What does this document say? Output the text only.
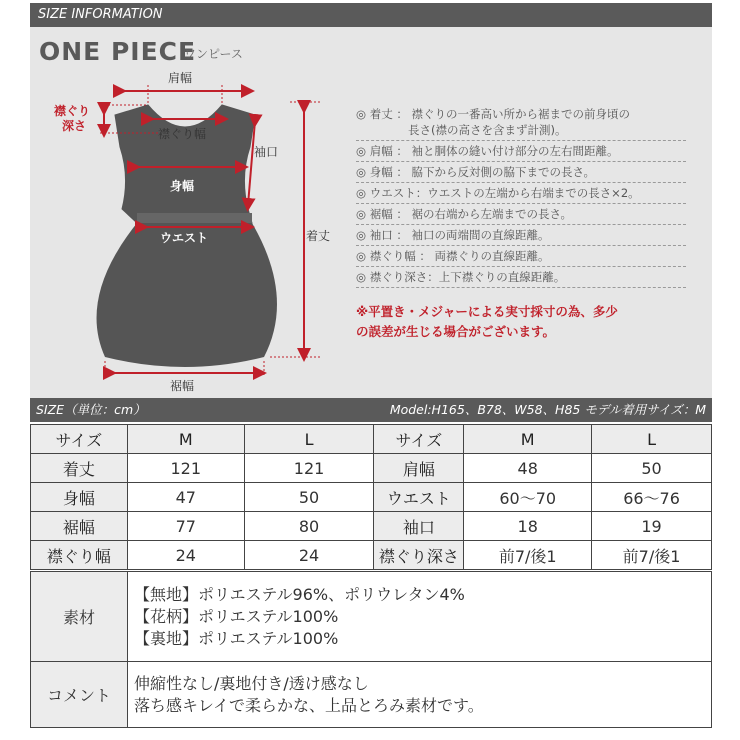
SIZE INFORMATION
ONE PIECE
ワンピース
肩幅
襟ぐり
深さ
襟ぐり幅
袖口
身幅
着丈
ウエスト
裾幅
◎ 着丈 ： 襟ぐりの一番高い所から裾までの前身頃の
長さ(襟の高さを含まず計測)。
◎ 肩幅 ： 袖と胴体の縫い付け部分の左右間距離。
◎ 身幅 ： 脇下から反対側の脇下までの長さ。
◎ ウエスト：ウエストの左端から右端までの長さ×2。
◎ 裾幅 ： 裾の右端から左端までの長さ。
◎ 袖口 ： 袖口の両端間の直線距離。
◎ 襟ぐり幅 ： 両襟ぐりの直線距離。
◎ 襟ぐり深さ：上下襟ぐりの直線距離。
※平置き・メジャーによる実寸採寸の為、多少
の誤差が生じる場合がございます。
SIZE（単位：cm）	Model:H165、B78、W58、H85 モデル着用サイズ：M
サイズ	M	L	サイズ	M	L
着丈	121	121	肩幅	48	50
身幅	47	50	ウエスト	60〜70	66〜76
裾幅	77	80	袖口	18	19
襟ぐり幅	24	24	襟ぐり深さ	前7/後1	前7/後1
素材	【無地】ポリエステル96%、ポリウレタン4%
【花柄】ポリエステル100%
【裏地】ポリエステル100%

コメント	伸縮性なし/裏地付き/透け感なし
落ち感キレイで柔らかな、上品とろみ素材です。
